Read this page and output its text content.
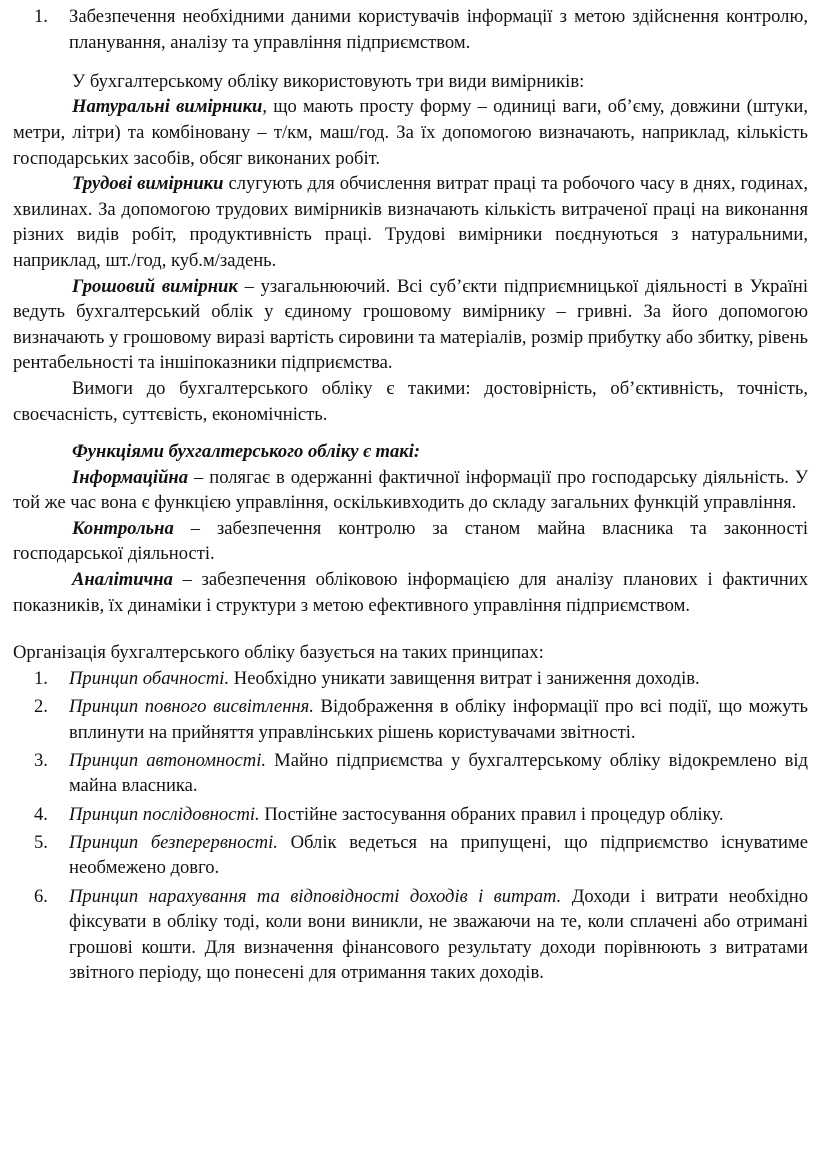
1. Забезпечення необхідними даними користувачів інформації з метою здійснення контролю, планування, аналізу та управління підприємством.

У бухгалтерському обліку використовують три види вимірників:

Натуральні вимірники, що мають просту форму – одиниці ваги, об’єму, довжини (штуки, метри, літри) та комбіновану – т/км, маш/год. За їх допомогою визначають, наприклад, кількість господарських засобів, обсяг виконаних робіт.

Трудові вимірники слугують для обчислення витрат праці та робочого часу в днях, годинах, хвилинах. За допомогою трудових вимірників визначають кількість витраченої праці на виконання різних видів робіт, продуктивність праці. Трудові вимірники поєднуються з натуральними, наприклад, шт./год, куб.м/задень.

Грошовий вимірник – узагальнюючий. Всі суб’єкти підприємницької діяльності в Україні ведуть бухгалтерський облік у єдиному грошовому вимірнику – гривні. За його допомогою визначають у грошовому виразі вартість сировини та матеріалів, розмір прибутку або збитку, рівень рентабельності та іншіпоказники підприємства.

Вимоги до бухгалтерського обліку є такими: достовірність, об’єктивність, точність, своєчасність, суттєвість, економічність.

Функціями бухгалтерського обліку є такі:

Інформаційна – полягає в одержанні фактичної інформації про господарську діяльність. У той же час вона є функцією управління, оскількивходить до складу загальних функцій управління.

Контрольна – забезпечення контролю за станом майна власника та законності господарської діяльності.

Аналітична – забезпечення обліковою інформацією для аналізу планових і фактичних показників, їх динаміки і структури з метою ефективного управління підприємством.

Організація бухгалтерського обліку базується на таких принципах:

1. Принцип обачності. Необхідно уникати завищення витрат і заниження доходів.
2. Принцип повного висвітлення. Відображення в обліку інформації про всі події, що можуть вплинути на прийняття управлінських рішень користувачами звітності.
3. Принцип автономності. Майно підприємства у бухгалтерському обліку відокремлено від майна власника.
4. Принцип послідовності. Постійне застосування обраних правил і процедур обліку.
5. Принцип безперервності. Облік ведеться на припущені, що підприємство існуватиме необмежено довго.
6. Принцип нарахування та відповідності доходів і витрат. Доходи і витрати необхідно фіксувати в обліку тоді, коли вони виникли, не зважаючи на те, коли сплачені або отримані грошові кошти. Для визначення фінансового результату доходи порівнюють з витратами звітного періоду, що понесені для отримання таких доходів.
